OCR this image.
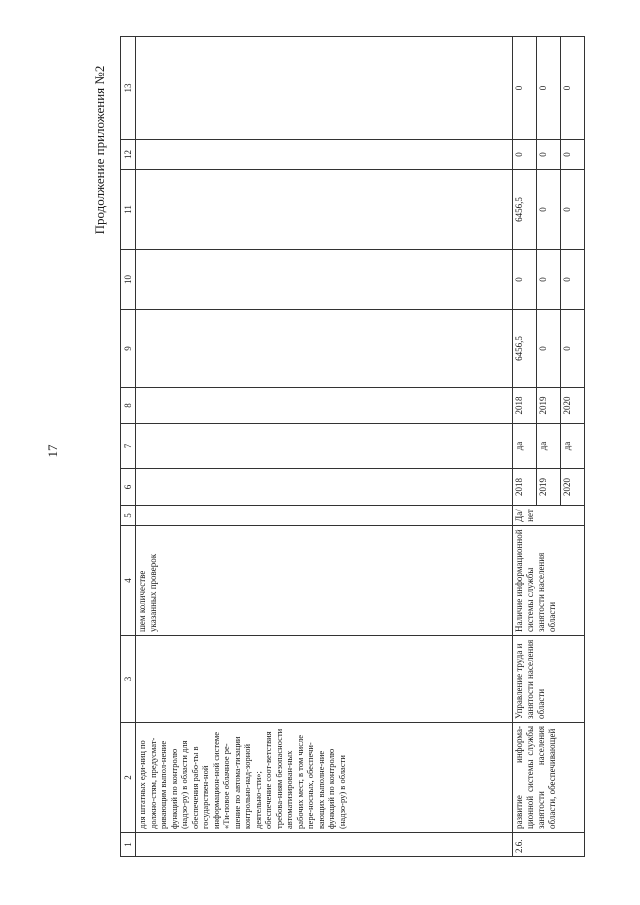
17
Продолжение приложения №2
1	2	3	4	5	6	7	8	9	10	11	12	13
	для штатных еди-ниц по должно-стям, предусмат-ривающим выпол-нение функций по контролю (надзо-ру) в области для обеспечения рабо-ты в государствен-ной информацион-ной системе «Ти-повое облачное ре-шение по автома-тизации контрольно-над-зорной деятельно-сти»; обеспечение соот-ветствия требова-ниям безопасности автоматизирован-ных рабочих мест, в том числе пере-носных, обеспечи-вающих выполне-ние функций по контролю (надзо-ру) в области		шем количестве указанных проверок									
2.6.	развитие информа-ционной системы службы занятости населения области, обеспечивающей	Управление труда и занятости населения области	Наличие информационной системы службы занятости населения области	Да/нет	2018	да	2018	6456,5	0	6456,5	0	0
					2019	да	2019	0	0	0	0	0
					2020	да	2020	0	0	0	0	0
